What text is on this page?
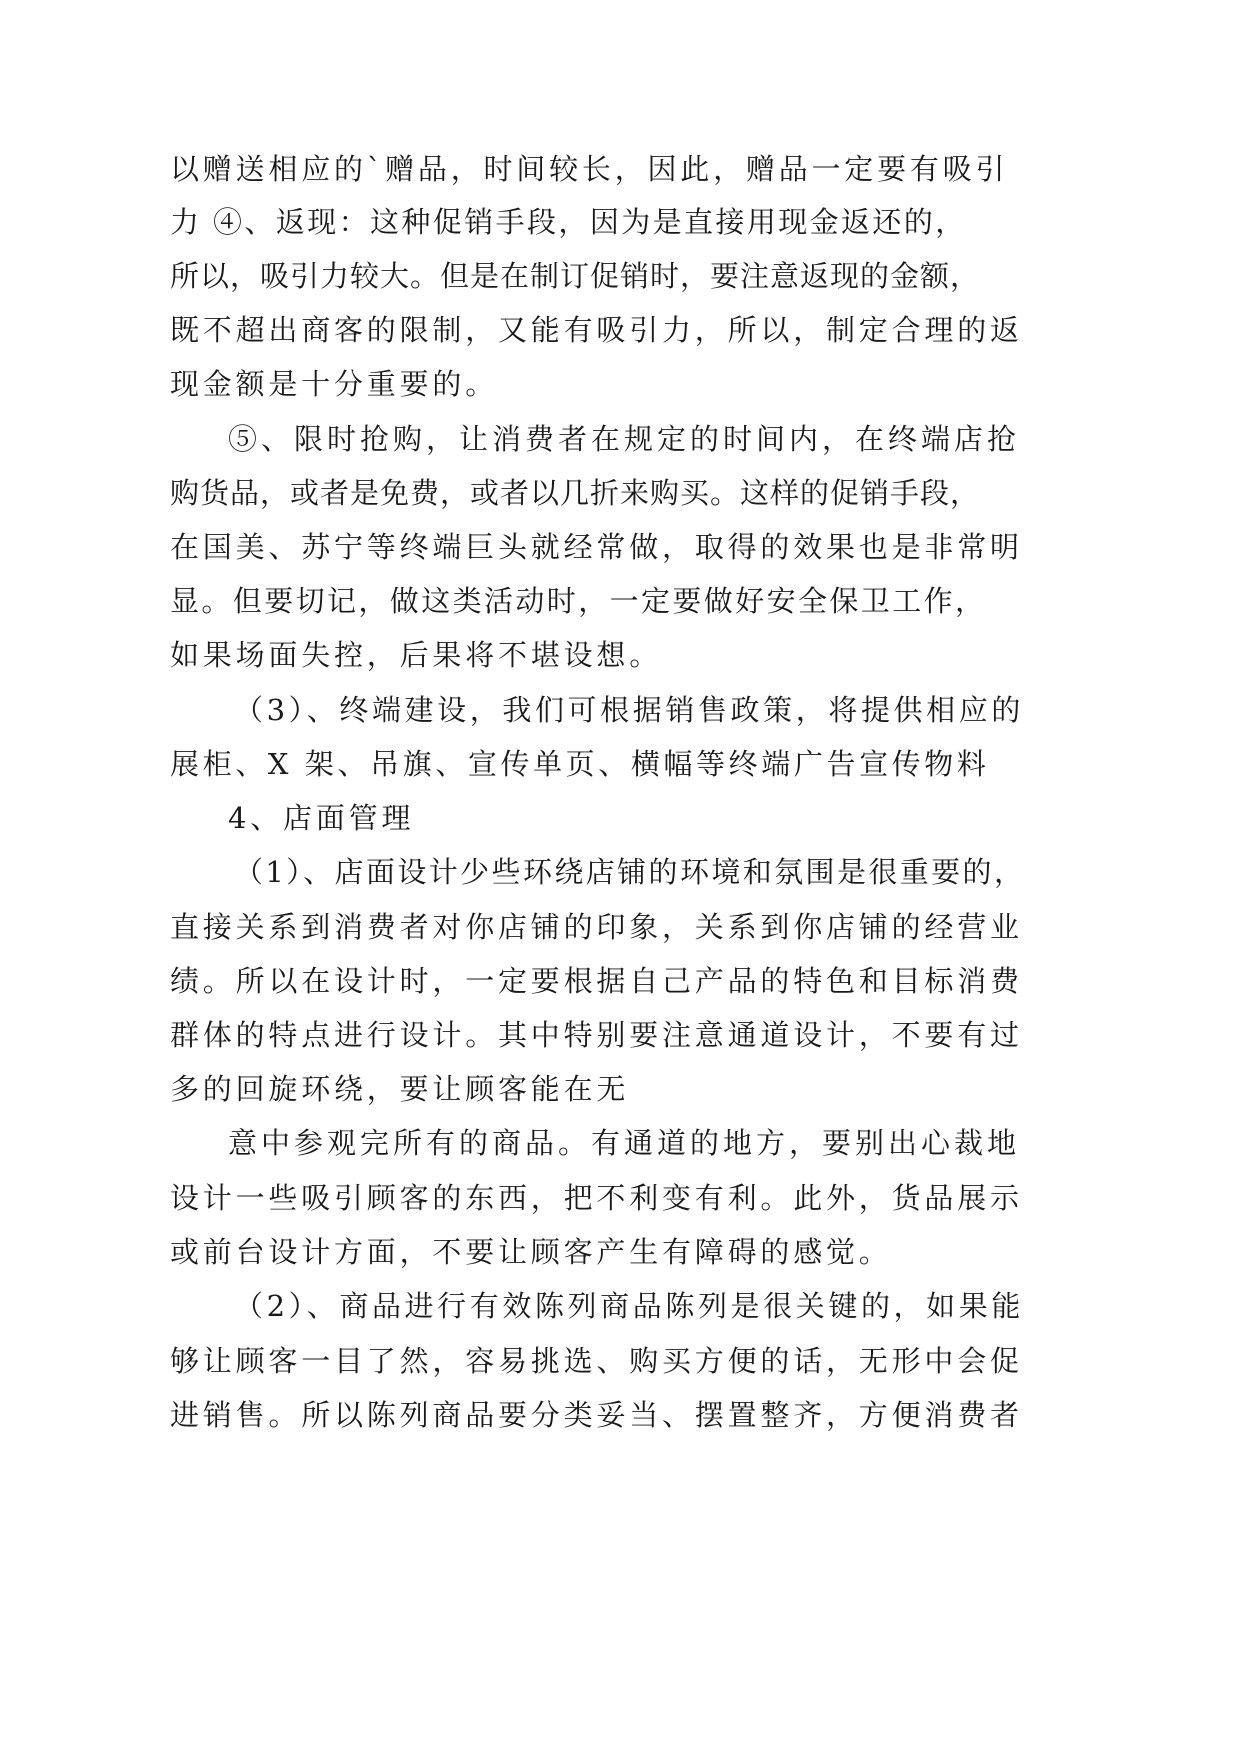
以赠送相应的`赠品，时间较长，因此，赠品一定要有吸引
力 ④、返现：这种促销手段，因为是直接用现金返还的，
所以，吸引力较大。但是在制订促销时，要注意返现的金额，
既不超出商客的限制，又能有吸引力，所以，制定合理的返
现金额是十分重要的。
⑤、限时抢购，让消费者在规定的时间内，在终端店抢
购货品，或者是免费，或者以几折来购买。这样的促销手段，
在国美、苏宁等终端巨头就经常做，取得的效果也是非常明
显。但要切记，做这类活动时，一定要做好安全保卫工作，
如果场面失控，后果将不堪设想。
（3）、终端建设，我们可根据销售政策，将提供相应的
展柜、X 架、吊旗、宣传单页、横幅等终端广告宣传物料
4、店面管理
（1）、店面设计少些环绕店铺的环境和氛围是很重要的，
直接关系到消费者对你店铺的印象，关系到你店铺的经营业
绩。所以在设计时，一定要根据自己产品的特色和目标消费
群体的特点进行设计。其中特别要注意通道设计，不要有过
多的回旋环绕，要让顾客能在无
意中参观完所有的商品。有通道的地方，要别出心裁地
设计一些吸引顾客的东西，把不利变有利。此外，货品展示
或前台设计方面，不要让顾客产生有障碍的感觉。
（2）、商品进行有效陈列商品陈列是很关键的，如果能
够让顾客一目了然，容易挑选、购买方便的话，无形中会促
进销售。所以陈列商品要分类妥当、摆置整齐，方便消费者
